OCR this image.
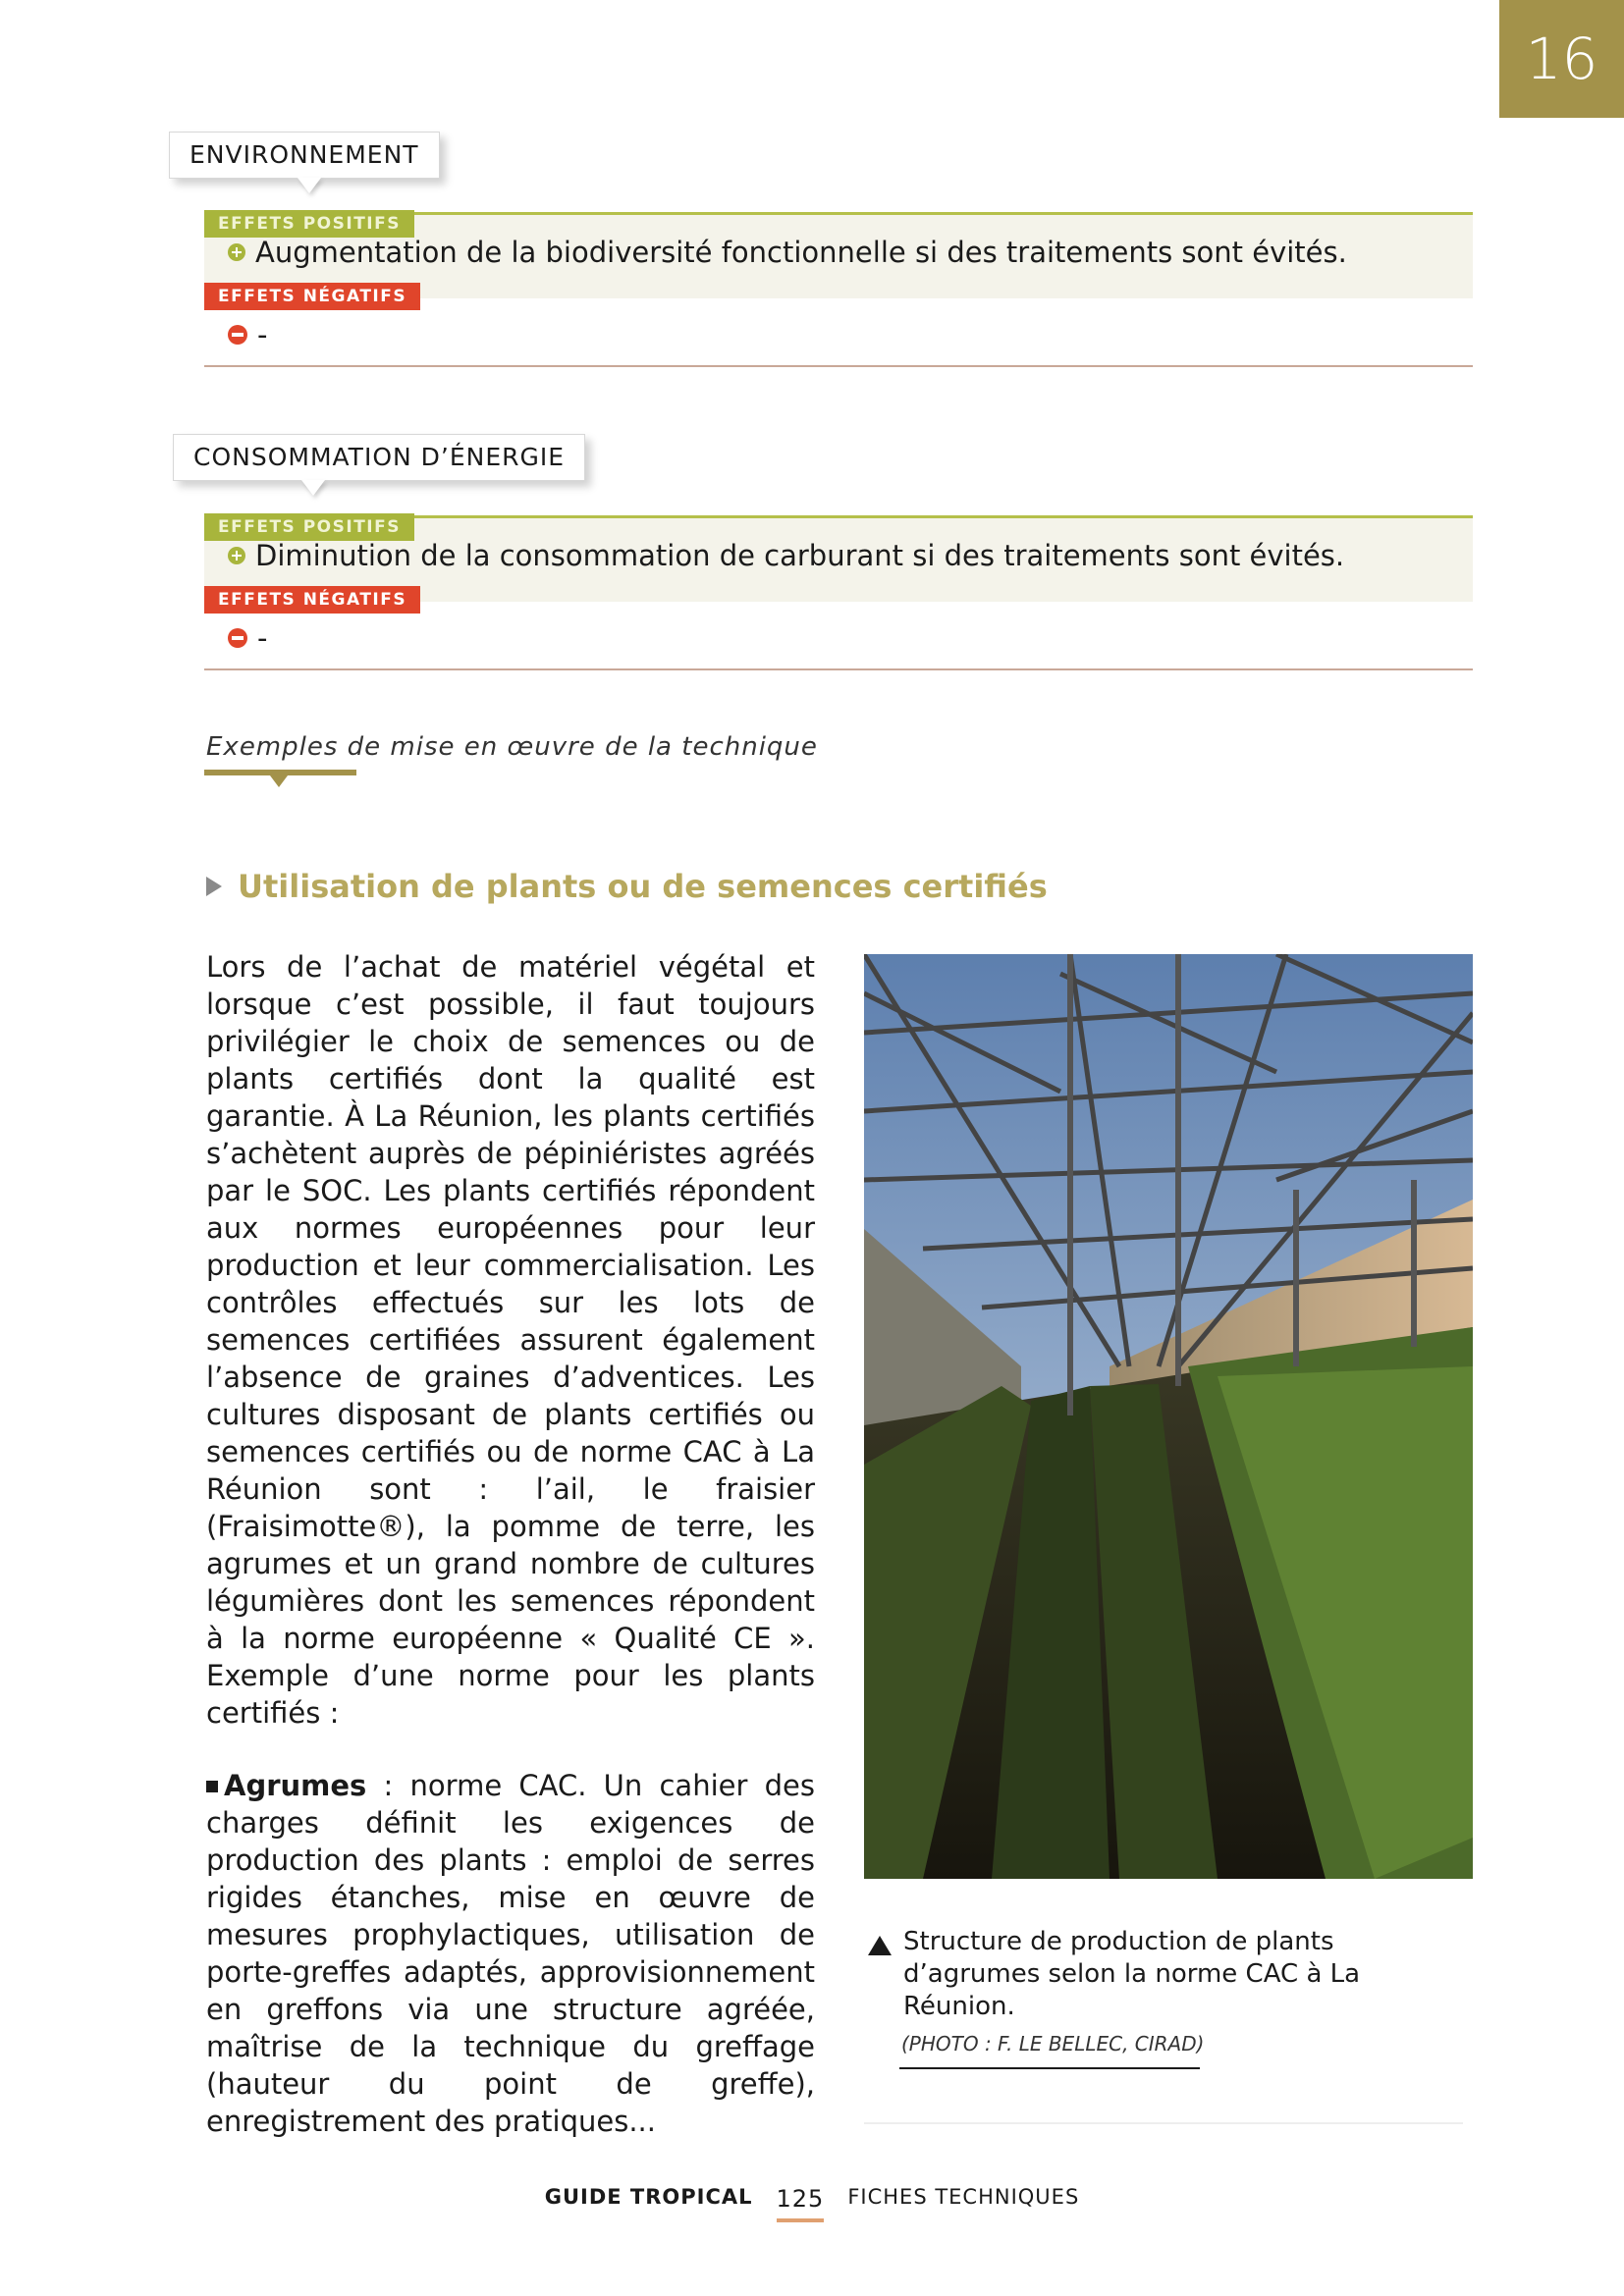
16
ENVIRONNEMENT
EFFETS POSITIFS
Augmentation de la biodiversité fonctionnelle si des traitements sont évités.
EFFETS NÉGATIFS
-
CONSOMMATION D’ÉNERGIE
EFFETS POSITIFS
Diminution de la consommation de carburant si des traitements sont évités.
EFFETS NÉGATIFS
-
Exemples de mise en œuvre de la technique
Utilisation de plants ou de semences certifiés

Lors de l’achat de matériel végétal et lorsque c’est possible, il faut toujours privilégier le choix de semences ou de plants certifiés dont la qualité est garantie. À La Réunion, les plants certifiés s’achètent auprès de pépiniéristes agréés par le SOC. Les plants certifiés répondent aux normes européennes pour leur production et leur commercialisation. Les contrôles effectués sur les lots de semences certifiées assurent également l’absence de graines d’adventices. Les cultures disposant de plants certifiés ou semences certifiés ou de norme CAC à La Réunion sont : l’ail, le fraisier (Fraisimotte®), la pomme de terre, les agrumes et un grand nombre de cultures légumières dont les semences répondent à la norme européenne « Qualité CE ». Exemple d’une norme pour les plants certifiés :

Agrumes : norme CAC. Un cahier des charges définit les exigences de production des plants : emploi de serres rigides étanches, mise en œuvre de mesures prophylactiques, utilisation de porte-greffes adaptés, approvisionnement en greffons via une structure agréée, maîtrise de la technique du greffage (hauteur du point de greffe), enregistrement des pratiques...

Structure de production de plants d’agrumes selon la norme CAC à La Réunion.
(PHOTO : F. LE BELLEC, CIRAD)
GUIDE TROPICAL 125 FICHES TECHNIQUES
